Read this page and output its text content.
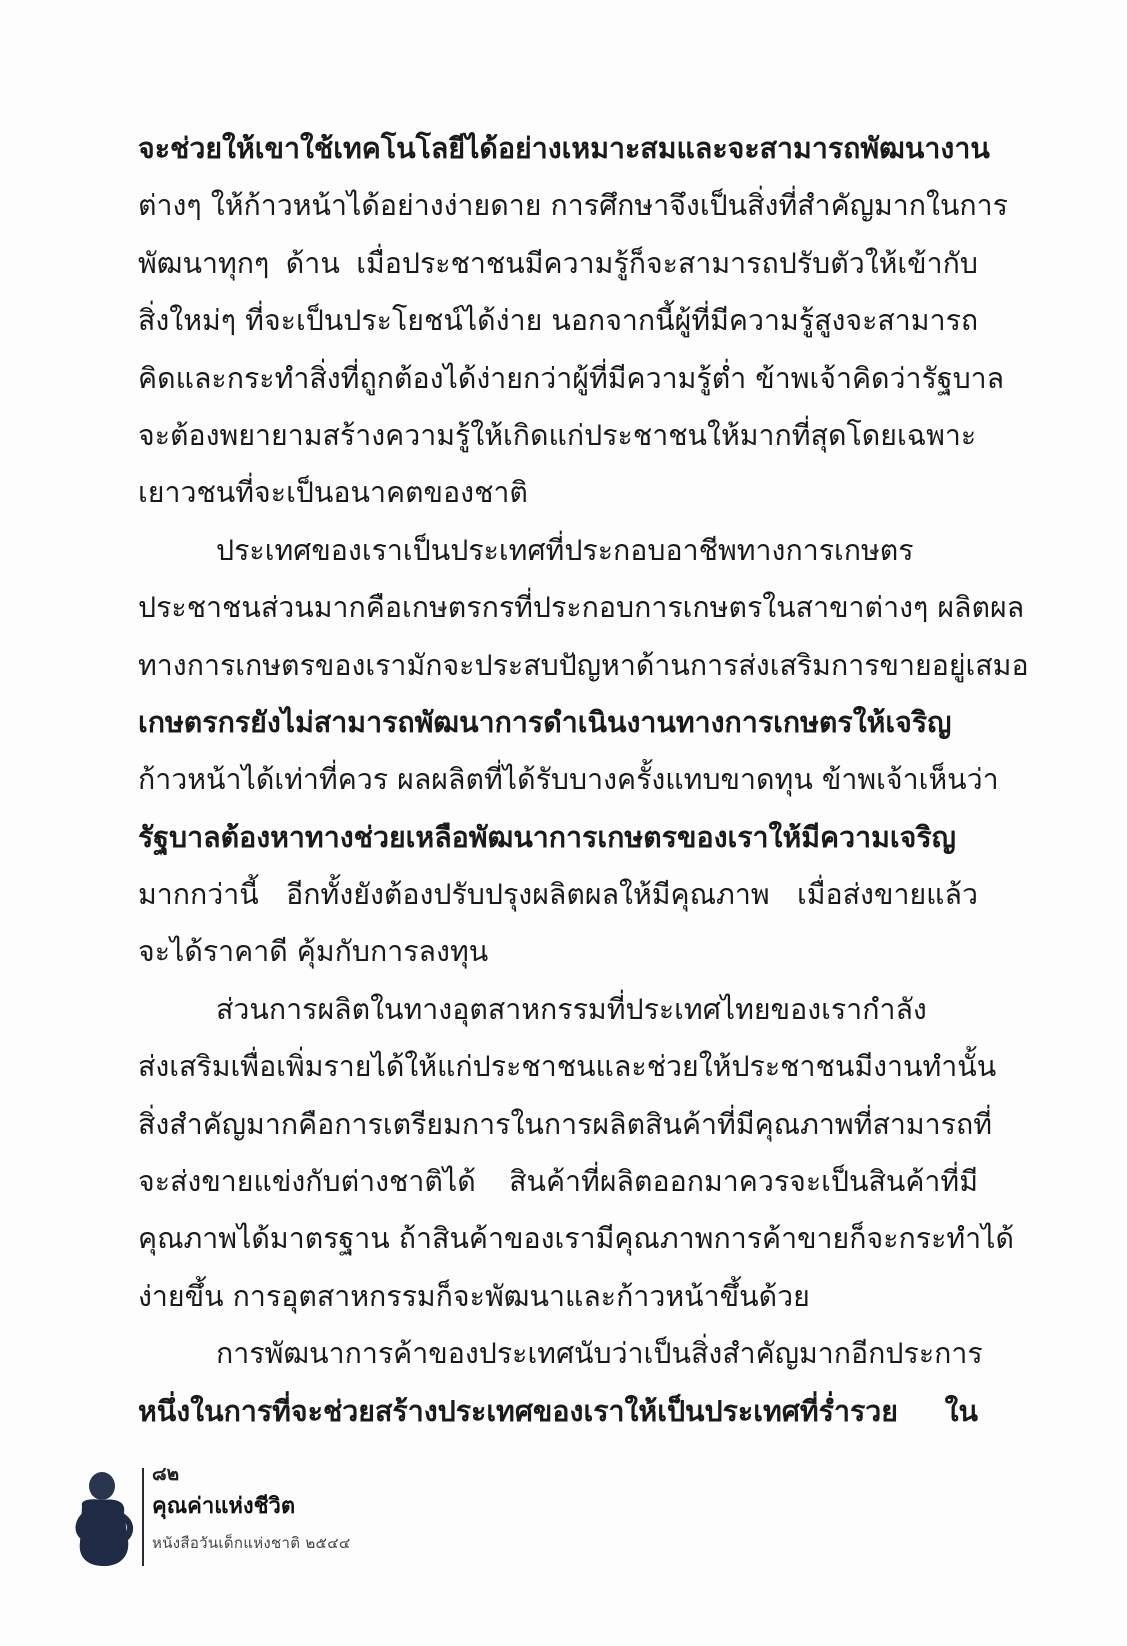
จะช่วยให้เขาใช้เทคโนโลยีได้อย่างเหมาะสมและจะสามารถพัฒนางาน
ต่างๆ ให้ก้าวหน้าได้อย่างง่ายดาย การศึกษาจึงเป็นสิ่งที่สำคัญมากในการ
พัฒนาทุกๆ ด้าน เมื่อประชาชนมีความรู้ก็จะสามารถปรับตัวให้เข้ากับ
สิ่งใหม่ๆ ที่จะเป็นประโยชน์ได้ง่าย นอกจากนี้ผู้ที่มีความรู้สูงจะสามารถ
คิดและกระทำสิ่งที่ถูกต้องได้ง่ายกว่าผู้ที่มีความรู้ต่ำ ข้าพเจ้าคิดว่ารัฐบาล
จะต้องพยายามสร้างความรู้ให้เกิดแก่ประชาชนให้มากที่สุดโดยเฉพาะ
เยาวชนที่จะเป็นอนาคตของชาติ
ประเทศของเราเป็นประเทศที่ประกอบอาชีพทางการเกษตร
ประชาชนส่วนมากคือเกษตรกรที่ประกอบการเกษตรในสาขาต่างๆ ผลิตผล
ทางการเกษตรของเรามักจะประสบปัญหาด้านการส่งเสริมการขายอยู่เสมอ
เกษตรกรยังไม่สามารถพัฒนาการดำเนินงานทางการเกษตรให้เจริญ
ก้าวหน้าได้เท่าที่ควร ผลผลิตที่ได้รับบางครั้งแทบขาดทุน ข้าพเจ้าเห็นว่า
รัฐบาลต้องหาทางช่วยเหลือพัฒนาการเกษตรของเราให้มีความเจริญ
มากกว่านี้ อีกทั้งยังต้องปรับปรุงผลิตผลให้มีคุณภาพ เมื่อส่งขายแล้ว
จะได้ราคาดี คุ้มกับการลงทุน
ส่วนการผลิตในทางอุตสาหกรรมที่ประเทศไทยของเรากำลัง
ส่งเสริมเพื่อเพิ่มรายได้ให้แก่ประชาชนและช่วยให้ประชาชนมีงานทำนั้น
สิ่งสำคัญมากคือการเตรียมการในการผลิตสินค้าที่มีคุณภาพที่สามารถที่
จะส่งขายแข่งกับต่างชาติได้ สินค้าที่ผลิตออกมาควรจะเป็นสินค้าที่มี
คุณภาพได้มาตรฐาน ถ้าสินค้าของเรามีคุณภาพการค้าขายก็จะกระทำได้
ง่ายขึ้น การอุตสาหกรรมก็จะพัฒนาและก้าวหน้าขึ้นด้วย
การพัฒนาการค้าของประเทศนับว่าเป็นสิ่งสำคัญมากอีกประการ
หนึ่งในการที่จะช่วยสร้างประเทศของเราให้เป็นประเทศที่ร่ำรวย ใน
๘๒
คุณค่าแห่งชีวิต
หนังสือวันเด็กแห่งชาติ ๒๕๔๔
